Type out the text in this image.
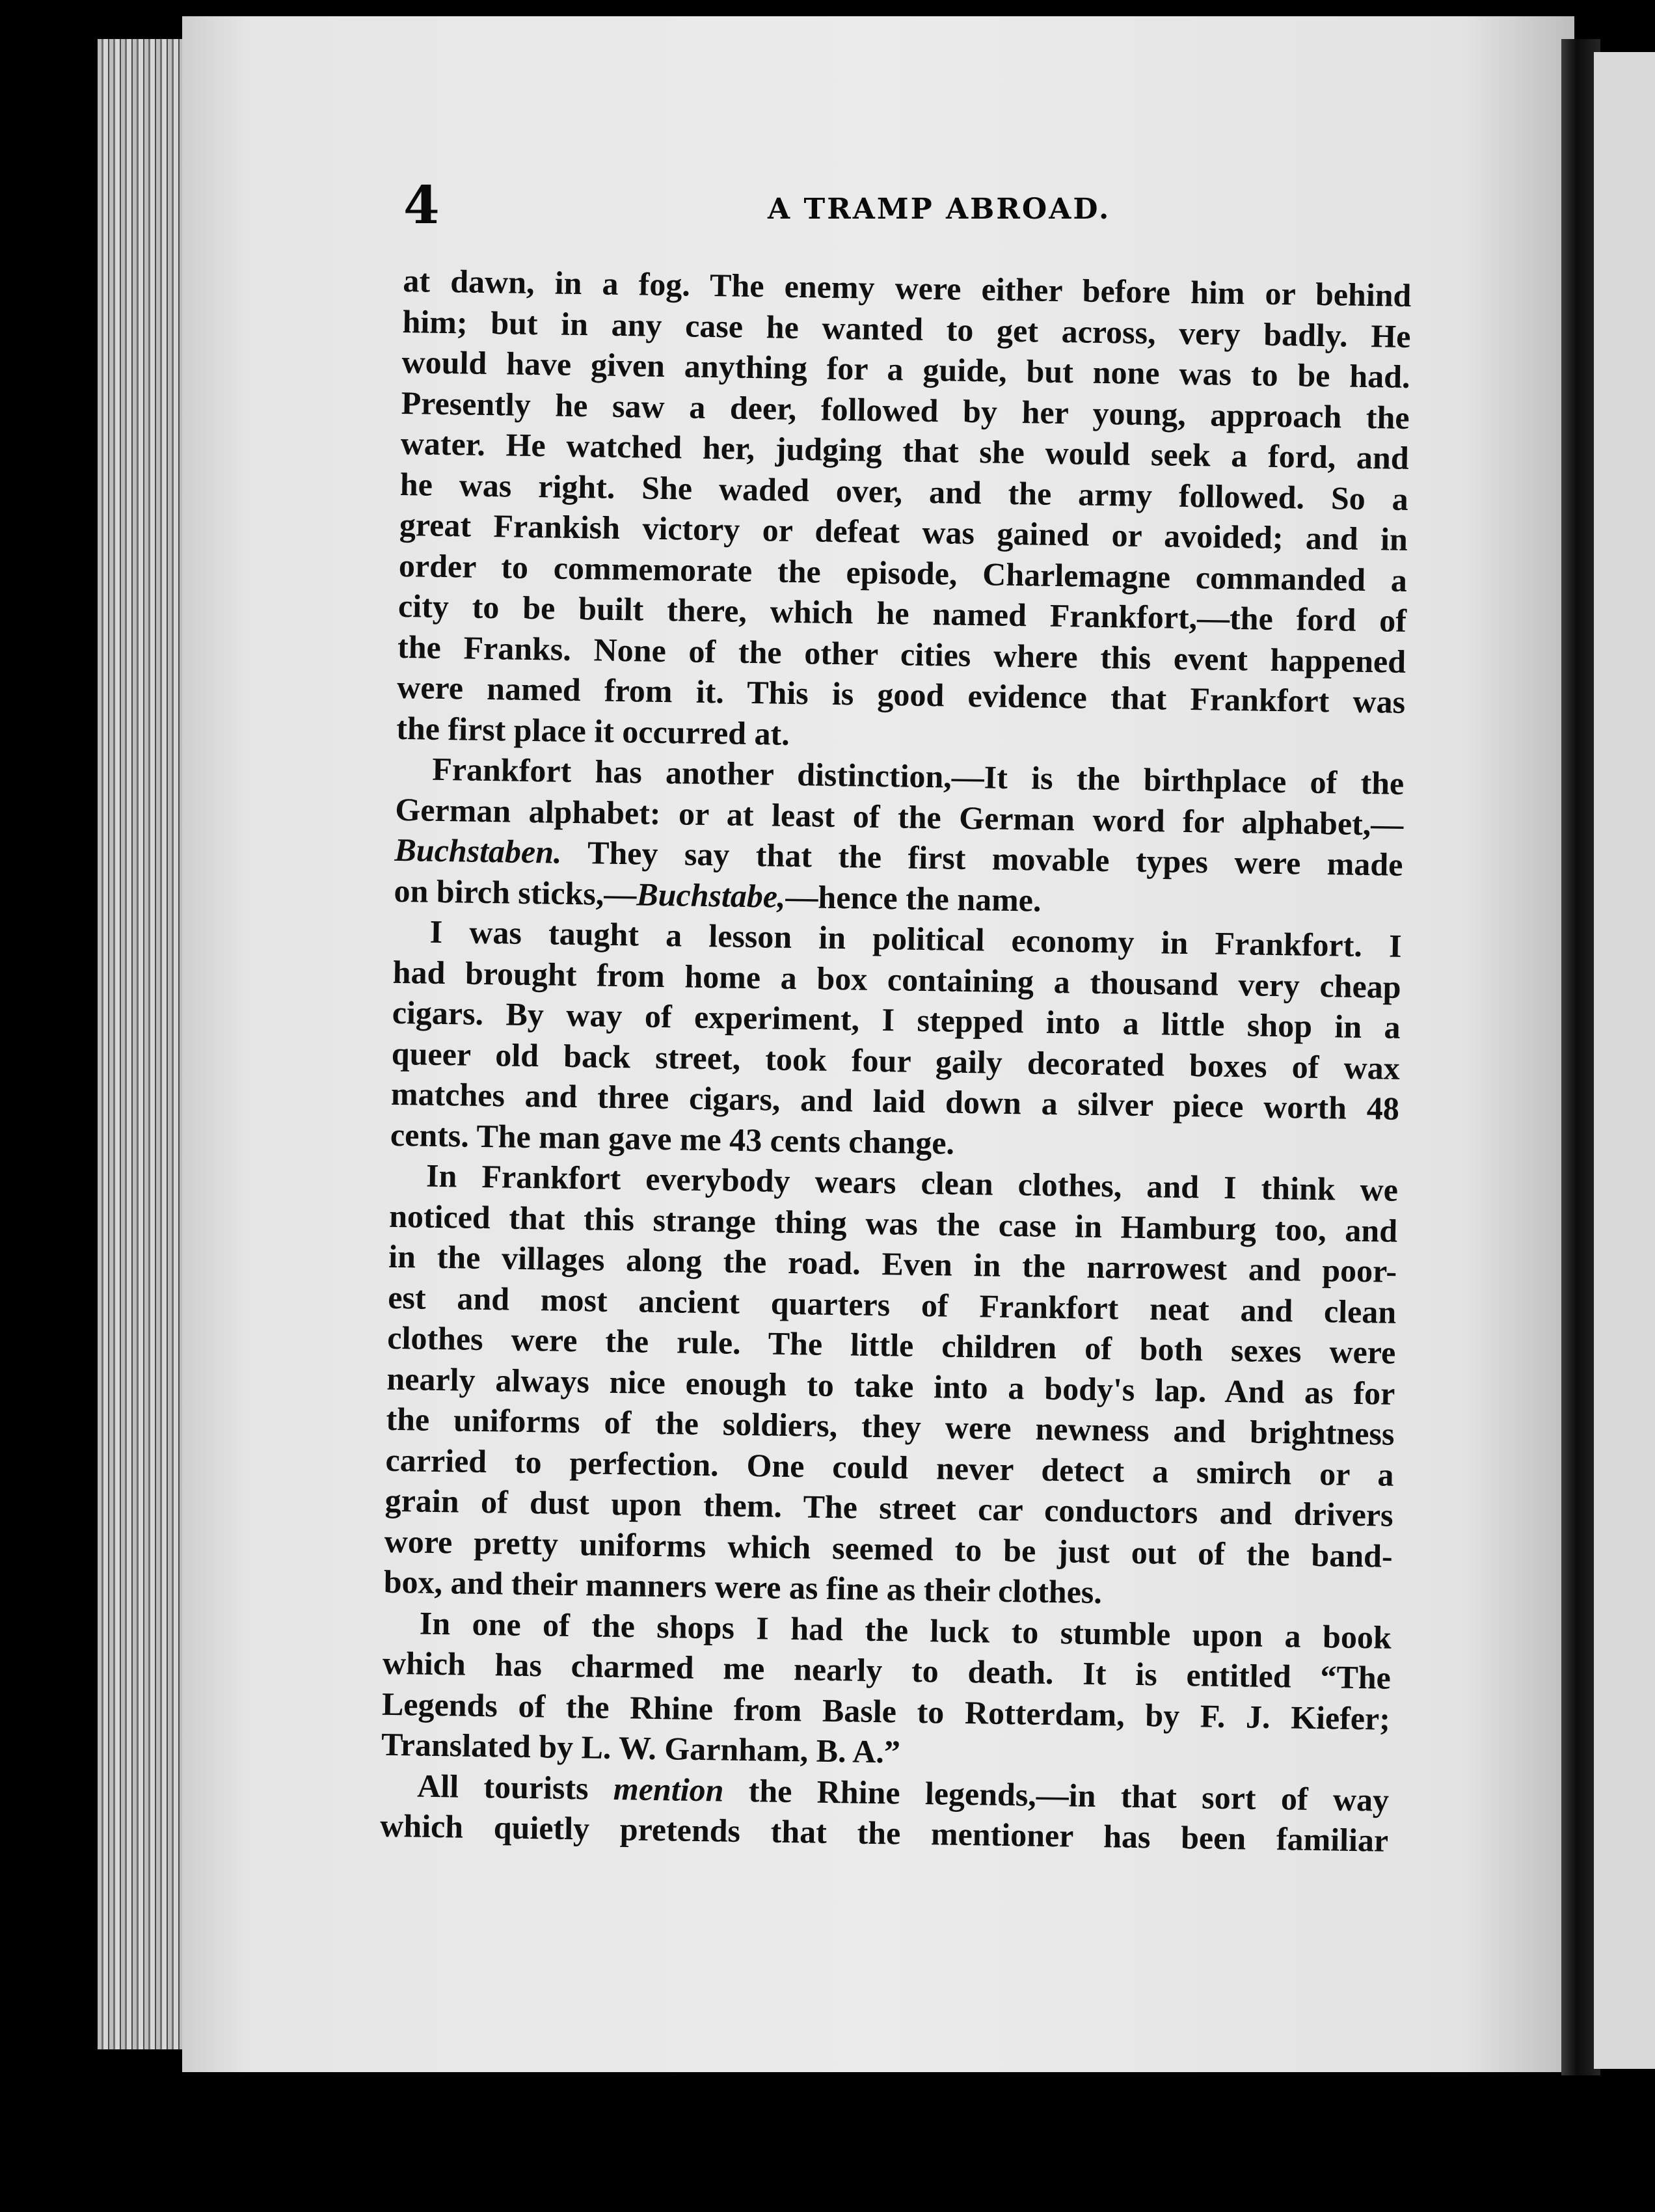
4	A TRAMP ABROAD.
at dawn, in a fog. The enemy were either before him or behind
him; but in any case he wanted to get across, very badly. He
would have given anything for a guide, but none was to be had.
Presently he saw a deer, followed by her young, approach the
water. He watched her, judging that she would seek a ford, and
he was right. She waded over, and the army followed. So a
great Frankish victory or defeat was gained or avoided; and in
order to commemorate the episode, Charlemagne commanded a
city to be built there, which he named Frankfort,—the ford of
the Franks. None of the other cities where this event happened
were named from it. This is good evidence that Frankfort was
the first place it occurred at.
Frankfort has another distinction,—It is the birthplace of the
German alphabet: or at least of the German word for alphabet,—
Buchstaben. They say that the first movable types were made
on birch sticks,—Buchstabe,—hence the name.
I was taught a lesson in political economy in Frankfort. I
had brought from home a box containing a thousand very cheap
cigars. By way of experiment, I stepped into a little shop in a
queer old back street, took four gaily decorated boxes of wax
matches and three cigars, and laid down a silver piece worth 48
cents. The man gave me 43 cents change.
In Frankfort everybody wears clean clothes, and I think we
noticed that this strange thing was the case in Hamburg too, and
in the villages along the road. Even in the narrowest and poor-
est and most ancient quarters of Frankfort neat and clean
clothes were the rule. The little children of both sexes were
nearly always nice enough to take into a body's lap. And as for
the uniforms of the soldiers, they were newness and brightness
carried to perfection. One could never detect a smirch or a
grain of dust upon them. The street car conductors and drivers
wore pretty uniforms which seemed to be just out of the band-
box, and their manners were as fine as their clothes.
In one of the shops I had the luck to stumble upon a book
which has charmed me nearly to death. It is entitled “The
Legends of the Rhine from Basle to Rotterdam, by F. J. Kiefer;
Translated by L. W. Garnham, B. A.”
All tourists mention the Rhine legends,—in that sort of way
which quietly pretends that the mentioner has been familiar
